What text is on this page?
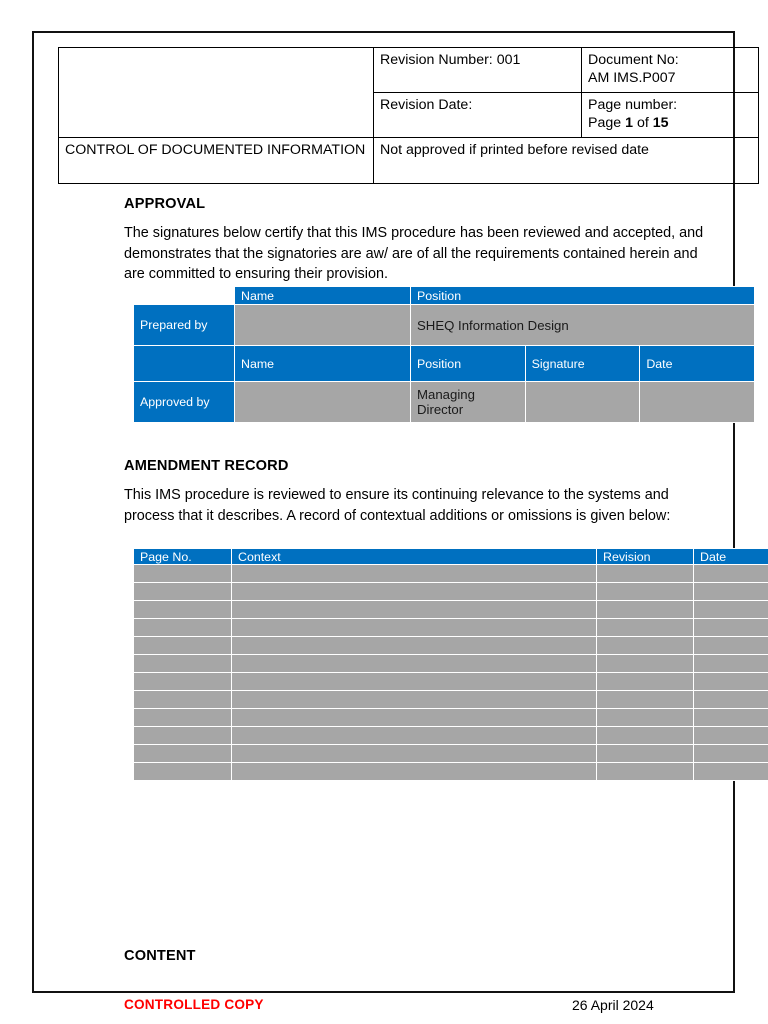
	Revision Number: 001	Document No:
AM IMS.P007
	Revision Date:	Page number:
Page 1 of 15
CONTROL OF DOCUMENTED INFORMATION	Not approved if printed before revised date	
APPROVAL
The signatures below certify that this IMS procedure has been reviewed and accepted, and demonstrates that the signatories are aw/ are of all the requirements contained herein and are committed to ensuring their provision.
	Name	Position		
Prepared by		SHEQ Information Design		
	Name	Position	Signature	Date
Approved by		Managing Director		
AMENDMENT RECORD
This IMS procedure is reviewed to ensure its continuing relevance to the systems and process that it describes. A record of contextual additions or omissions is given below:
Page No.	Context	Revision	Date

CONTENT
CONTROLLED COPY	26 April 2024
